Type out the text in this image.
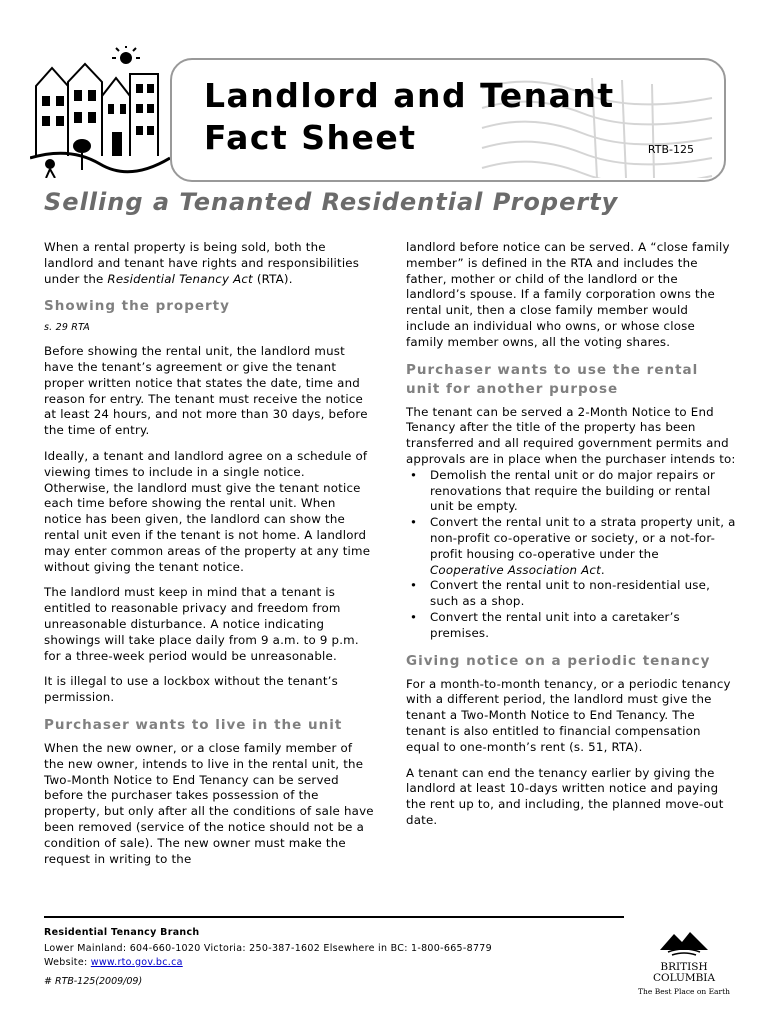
Landlord and Tenant
Fact Sheet	RTB-125
Selling a Tenanted Residential Property

When a rental property is being sold, both the landlord and tenant have rights and responsibilities under the Residential Tenancy Act (RTA).

Showing the property

s. 29 RTA

Before showing the rental unit, the landlord must have the tenant’s agreement or give the tenant proper written notice that states the date, time and reason for entry. The tenant must receive the notice at least 24 hours, and not more than 30 days, before the time of entry.

Ideally, a tenant and landlord agree on a schedule of viewing times to include in a single notice. Otherwise, the landlord must give the tenant notice each time before showing the rental unit. When notice has been given, the landlord can show the rental unit even if the tenant is not home. A landlord may enter common areas of the property at any time without giving the tenant notice.

The landlord must keep in mind that a tenant is entitled to reasonable privacy and freedom from unreasonable disturbance. A notice indicating showings will take place daily from 9 a.m. to 9 p.m. for a three-week period would be unreasonable.

It is illegal to use a lockbox without the tenant’s permission.

Purchaser wants to live in the unit

When the new owner, or a close family member of the new owner, intends to live in the rental unit, the Two-Month Notice to End Tenancy can be served before the purchaser takes possession of the property, but only after all the conditions of sale have been removed (service of the notice should not be a condition of sale). The new owner must make the request in writing to the

landlord before notice can be served. A “close family member” is defined in the RTA and includes the father, mother or child of the landlord or the landlord’s spouse. If a family corporation owns the rental unit, then a close family member would include an individual who owns, or whose close family member owns, all the voting shares.

Purchaser wants to use the rental unit for another purpose

The tenant can be served a 2-Month Notice to End Tenancy after the title of the property has been transferred and all required government permits and approvals are in place when the purchaser intends to:

• Demolish the rental unit or do major repairs or renovations that require the building or rental unit be empty.
• Convert the rental unit to a strata property unit, a non-profit co-operative or society, or a not-for-profit housing co-operative under the Cooperative Association Act.
• Convert the rental unit to non-residential use, such as a shop.
• Convert the rental unit into a caretaker’s premises.
Giving notice on a periodic tenancy

For a month-to-month tenancy, or a periodic tenancy with a different period, the landlord must give the tenant a Two-Month Notice to End Tenancy. The tenant is also entitled to financial compensation equal to one-month’s rent (s. 51, RTA).

A tenant can end the tenancy earlier by giving the landlord at least 10-days written notice and paying the rent up to, and including, the planned move-out date.

Residential Tenancy Branch
Lower Mainland: 604-660-1020 Victoria: 250-387-1602 Elsewhere in BC: 1-800-665-8779
Website: www.rto.gov.bc.ca
# RTB-125(2009/09)
BRITISH
COLUMBIA
The Best Place on Earth
